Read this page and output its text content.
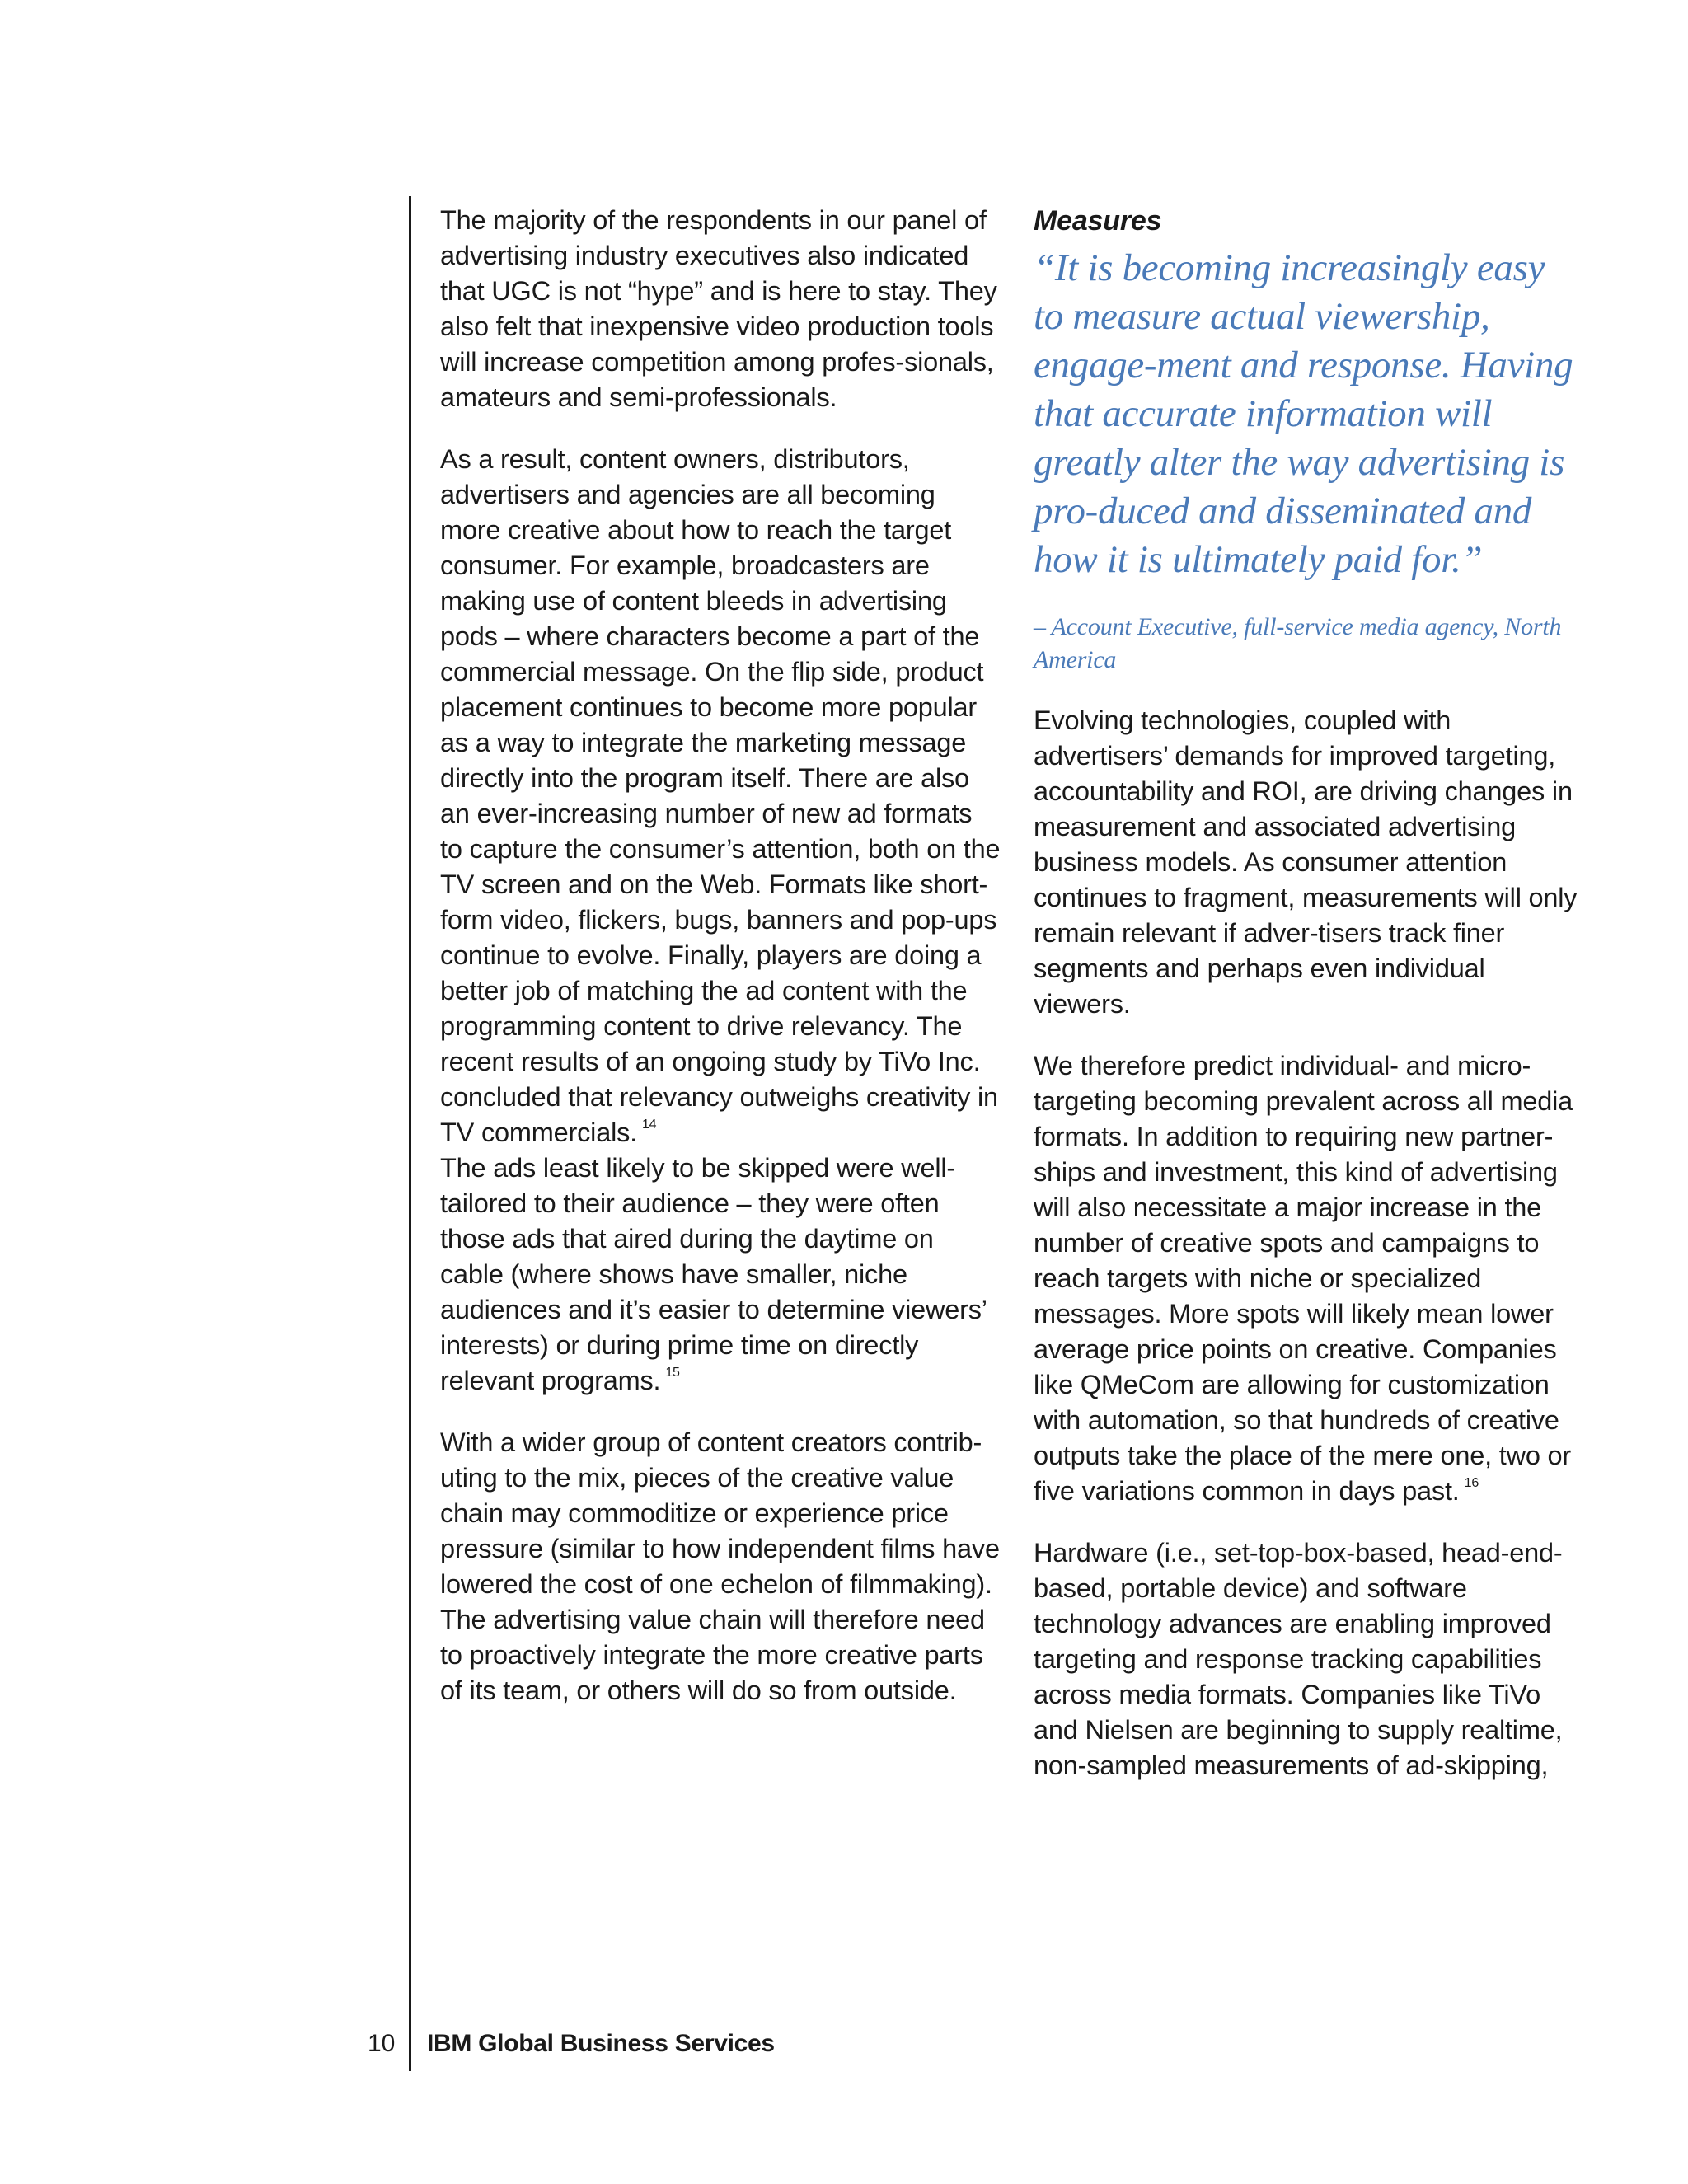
The majority of the respondents in our panel of advertising industry executives also indicated that UGC is not “hype” and is here to stay. They also felt that inexpensive video production tools will increase competition among profes-sionals, amateurs and semi-professionals.

As a result, content owners, distributors, advertisers and agencies are all becoming more creative about how to reach the target consumer. For example, broadcasters are making use of content bleeds in advertising pods – where characters become a part of the commercial message. On the flip side, product placement continues to become more popular as a way to integrate the marketing message directly into the program itself. There are also an ever-increasing number of new ad formats to capture the consumer’s attention, both on the TV screen and on the Web. Formats like short-form video, flickers, bugs, banners and pop-ups continue to evolve. Finally, players are doing a better job of matching the ad content with the programming content to drive relevancy. The recent results of an ongoing study by TiVo Inc. concluded that relevancy outweighs creativity in TV commercials. $^{14}$

The ads least likely to be skipped were well-tailored to their audience – they were often those ads that aired during the daytime on cable (where shows have smaller, niche audiences and it’s easier to determine viewers’ interests) or during prime time on directly relevant programs. $^{15}$

With a wider group of content creators contrib-uting to the mix, pieces of the creative value chain may commoditize or experience price pressure (similar to how independent films have lowered the cost of one echelon of filmmaking). The advertising value chain will therefore need to proactively integrate the more creative parts of its team, or others will do so from outside.

Measures

“It is becoming increasingly easy to measure actual viewership, engage-ment and response. Having that accurate information will greatly alter the way advertising is pro-duced and disseminated and how it is ultimately paid for.”

– Account Executive, full-service media agency, North America

Evolving technologies, coupled with advertisers’ demands for improved targeting, accountability and ROI, are driving changes in measurement and associated advertising business models. As consumer attention continues to fragment, measurements will only remain relevant if adver-tisers track finer segments and perhaps even individual viewers.

We therefore predict individual- and micro-targeting becoming prevalent across all media formats. In addition to requiring new partner-ships and investment, this kind of advertising will also necessitate a major increase in the number of creative spots and campaigns to reach targets with niche or specialized messages. More spots will likely mean lower average price points on creative. Companies like QMeCom are allowing for customization with automation, so that hundreds of creative outputs take the place of the mere one, two or five variations common in days past. $^{16}$

Hardware (i.e., set-top-box-based, head-end-based, portable device) and software technology advances are enabling improved targeting and response tracking capabilities across media formats. Companies like TiVo and Nielsen are beginning to supply realtime, non-sampled measurements of ad-skipping,

10 IBM Global Business Services
